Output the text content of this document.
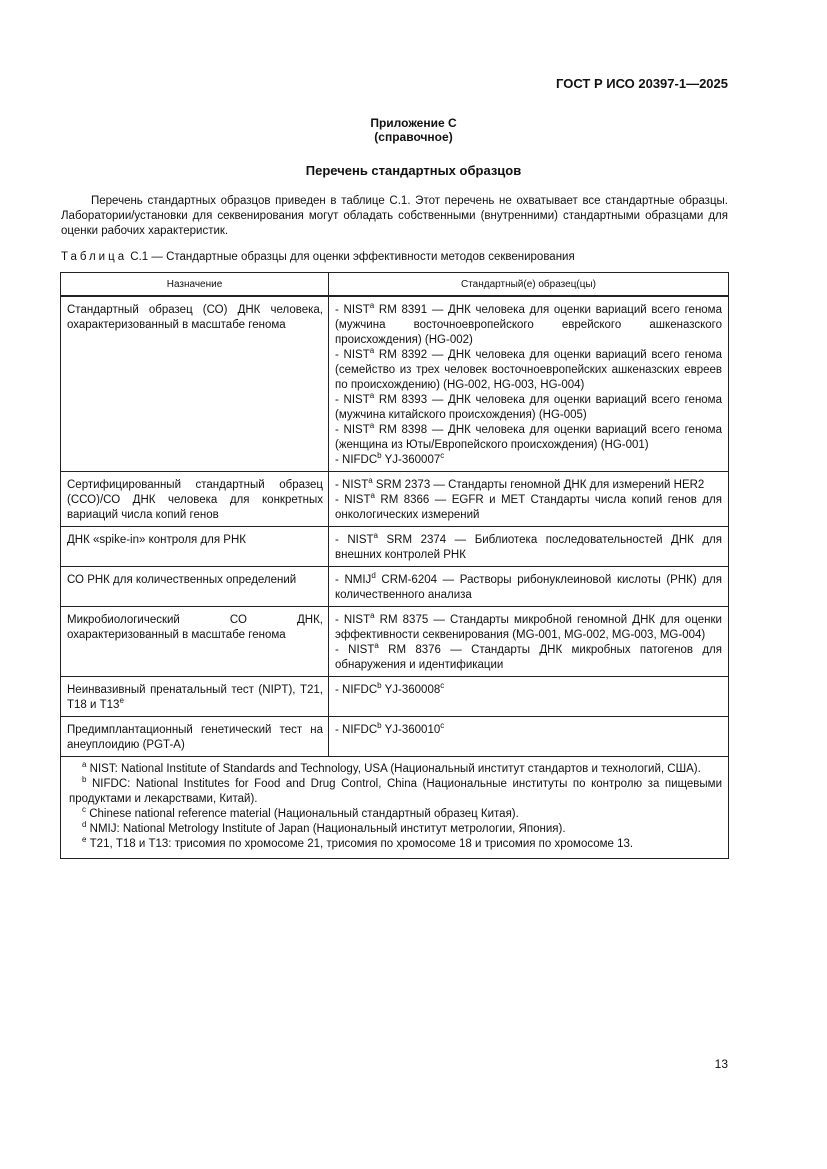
ГОСТ Р ИСО 20397-1—2025
Приложение С
(справочное)
Перечень стандартных образцов

Перечень стандартных образцов приведен в таблице С.1. Этот перечень не охватывает все стандартные образцы. Лаборатории/установки для секвенирования могут обладать собственными (внутренними) стандартными образцами для оценки рабочих характеристик.

Таблица С.1 — Стандартные образцы для оценки эффективности методов секвенирования
Назначение	Стандартный(е) образец(цы)
Стандартный образец (СО) ДНК человека, охарактеризованный в масштабе генома	- NIST$^a$ RM 8391 — ДНК человека для оценки вариаций всего генома (мужчина восточноевропейского еврейского ашкеназского происхождения) (HG-002)

- NIST$^a$ RM 8392 — ДНК человека для оценки вариаций всего генома (семейство из трех человек восточноевропейских ашкеназских евреев по происхождению) (HG-002, HG-003, HG-004)

- NIST$^a$ RM 8393 — ДНК человека для оценки вариаций всего генома (мужчина китайского происхождения) (HG-005)

- NIST$^a$ RM 8398 — ДНК человека для оценки вариаций всего генома (женщина из Юты/Европейского происхождения) (HG-001)

- NIFDC$^b$ YJ-360007$^c$

Сертифицированный стандартный образец (ССО)/СО ДНК человека для конкретных вариаций числа копий генов	- NIST$^a$ SRM 2373 — Стандарты геномной ДНК для измерений HER2

- NIST$^a$ RM 8366 — EGFR и MET Стандарты числа копий генов для онкологических измерений

ДНК «spike-in» контроля для РНК	- NIST$^a$ SRM 2374 — Библиотека последовательностей ДНК для внешних контролей РНК

СО РНК для количественных определений	- NMIJ$^d$ CRM-6204 — Растворы рибонуклеиновой кислоты (РНК) для количественного анализа

Микробиологический СО ДНК, охарактеризованный в масштабе генома	- NIST$^a$ RM 8375 — Стандарты микробной геномной ДНК для оценки эффективности секвенирования (MG-001, MG-002, MG-003, MG-004)

- NIST$^a$ RM 8376 — Стандарты ДНК микробных патогенов для обнаружения и идентификации

Неинвазивный пренатальный тест (NIPT), Т21, Т18 и Т13e	- NIFDC$^b$ YJ-360008$^c$

Предимплантационный генетический тест на анеуплоидию (PGT-A)	- NIFDC$^b$ YJ-360010$^c$

$^a$ NIST: National Institute of Standards and Technology, USA (Национальный институт стандартов и технологий, США).

$^b$ NIFDC: National Institutes for Food and Drug Control, China (Национальные институты по контролю за пищевыми продуктами и лекарствами, Китай).

$^c$ Chinese national reference material (Национальный стандартный образец Китая).

$^d$ NMIJ: National Metrology Institute of Japan (Национальный институт метрологии, Япония).

$^e$ Т21, Т18 и Т13: трисомия по хромосоме 21, трисомия по хромосоме 18 и трисомия по хромосоме 13.	

13
